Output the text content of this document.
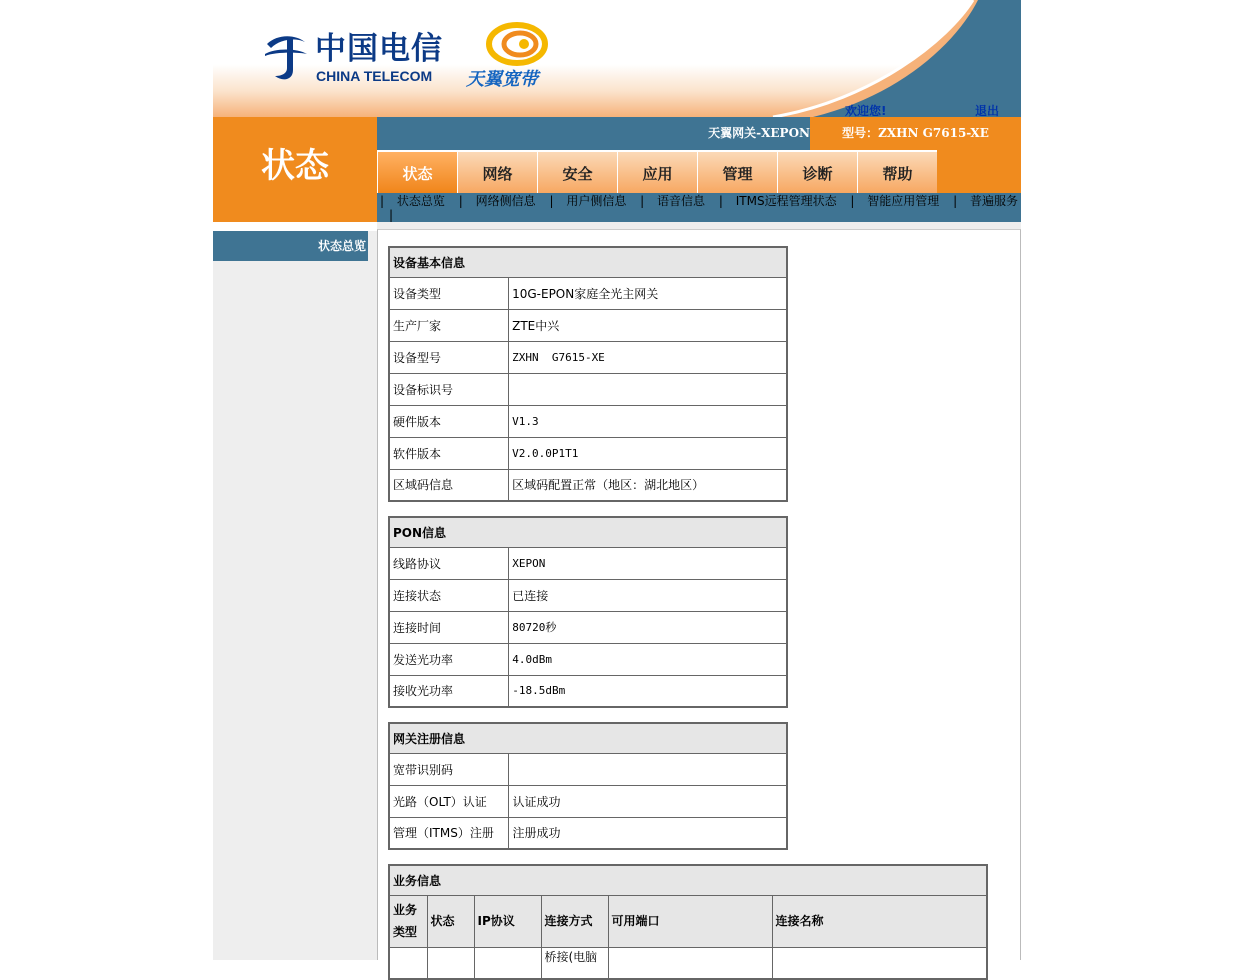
中国电信
CHINA TELECOM 天翼宽带
欢迎您!	退出
状态
天翼网关-XEPON	型号：ZXHN G7615-XE
状态	网络	安全	应用	管理	诊断	帮助
| 状态总览 | 网络侧信息 | 用户侧信息 | 语音信息 | ITMS远程管理状态 | 智能应用管理 | 普遍服务 |
状态总览
设备基本信息	
设备类型	10G-EPON家庭全光主网关
生产厂家	ZTE中兴
设备型号	ZXHN  G7615-XE
设备标识号	
硬件版本	V1.3
软件版本	V2.0.0P1T1
区域码信息	区域码配置正常（地区：湖北地区）
PON信息	
线路协议	XEPON
连接状态	已连接
连接时间	80720秒
发送光功率	4.0dBm
接收光功率	-18.5dBm
网关注册信息	
宽带识别码	
光路（OLT）认证	认证成功
管理（ITMS）注册	注册成功
业务信息					
业务类型	状态	IP协议	连接方式	可用端口	连接名称
			桥接(电脑		
